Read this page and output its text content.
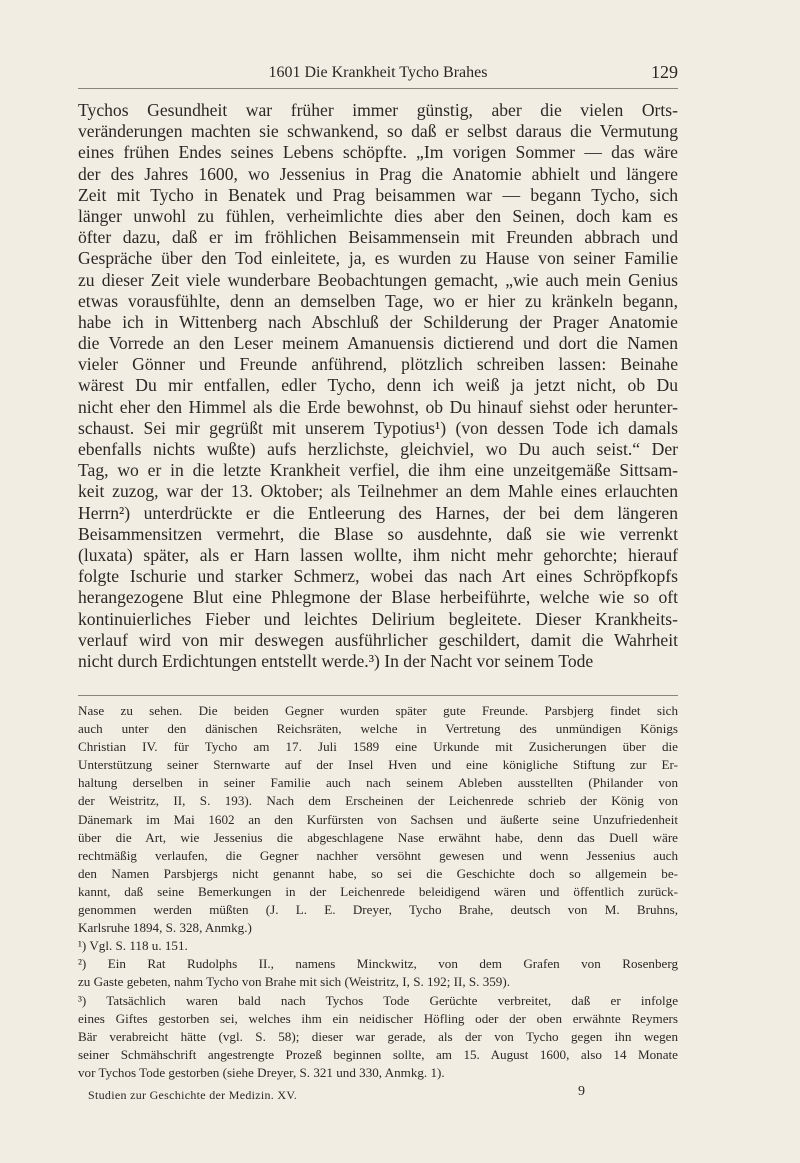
1601 Die Krankheit Tycho Brahes	129
Tychos Gesundheit war früher immer günstig, aber die vielen Orts-
veränderungen machten sie schwankend, so daß er selbst daraus die Vermutung
eines frühen Endes seines Lebens schöpfte. „Im vorigen Sommer — das wäre
der des Jahres 1600, wo Jessenius in Prag die Anatomie abhielt und längere
Zeit mit Tycho in Benatek und Prag beisammen war — begann Tycho, sich
länger unwohl zu fühlen, verheimlichte dies aber den Seinen, doch kam es
öfter dazu, daß er im fröhlichen Beisammensein mit Freunden abbrach und
Gespräche über den Tod einleitete, ja, es wurden zu Hause von seiner Familie
zu dieser Zeit viele wunderbare Beobachtungen gemacht, „wie auch mein Genius
etwas vorausfühlte, denn an demselben Tage, wo er hier zu kränkeln begann,
habe ich in Wittenberg nach Abschluß der Schilderung der Prager Anatomie
die Vorrede an den Leser meinem Amanuensis dictierend und dort die Namen
vieler Gönner und Freunde anführend, plötzlich schreiben lassen: Beinahe
wärest Du mir entfallen, edler Tycho, denn ich weiß ja jetzt nicht, ob Du
nicht eher den Himmel als die Erde bewohnst, ob Du hinauf siehst oder herunter-
schaust. Sei mir gegrüßt mit unserem Typotius¹) (von dessen Tode ich damals
ebenfalls nichts wußte) aufs herzlichste, gleichviel, wo Du auch seist.“ Der
Tag, wo er in die letzte Krankheit verfiel, die ihm eine unzeitgemäße Sittsam-
keit zuzog, war der 13. Oktober; als Teilnehmer an dem Mahle eines erlauchten
Herrn²) unterdrückte er die Entleerung des Harnes, der bei dem längeren
Beisammensitzen vermehrt, die Blase so ausdehnte, daß sie wie verrenkt
(luxata) später, als er Harn lassen wollte, ihm nicht mehr gehorchte; hierauf
folgte Ischurie und starker Schmerz, wobei das nach Art eines Schröpfkopfs
herangezogene Blut eine Phlegmone der Blase herbeiführte, welche wie so oft
kontinuierliches Fieber und leichtes Delirium begleitete. Dieser Krankheits-
verlauf wird von mir deswegen ausführlicher geschildert, damit die Wahrheit
nicht durch Erdichtungen entstellt werde.³) In der Nacht vor seinem Tode
Nase zu sehen. Die beiden Gegner wurden später gute Freunde. Parsbjerg findet sich
auch unter den dänischen Reichsräten, welche in Vertretung des unmündigen Königs
Christian IV. für Tycho am 17. Juli 1589 eine Urkunde mit Zusicherungen über die
Unterstützung seiner Sternwarte auf der Insel Hven und eine königliche Stiftung zur Er-
haltung derselben in seiner Familie auch nach seinem Ableben ausstellten (Philander von
der Weistritz, II, S. 193). Nach dem Erscheinen der Leichenrede schrieb der König von
Dänemark im Mai 1602 an den Kurfürsten von Sachsen und äußerte seine Unzufriedenheit
über die Art, wie Jessenius die abgeschlagene Nase erwähnt habe, denn das Duell wäre
rechtmäßig verlaufen, die Gegner nachher versöhnt gewesen und wenn Jessenius auch
den Namen Parsbjergs nicht genannt habe, so sei die Geschichte doch so allgemein be-
kannt, daß seine Bemerkungen in der Leichenrede beleidigend wären und öffentlich zurück-
genommen werden müßten (J. L. E. Dreyer, Tycho Brahe, deutsch von M. Bruhns,
Karlsruhe 1894, S. 328, Anmkg.)
¹) Vgl. S. 118 u. 151.
²) Ein Rat Rudolphs II., namens Minckwitz, von dem Grafen von Rosenberg
zu Gaste gebeten, nahm Tycho von Brahe mit sich (Weistritz, I, S. 192; II, S. 359).
³) Tatsächlich waren bald nach Tychos Tode Gerüchte verbreitet, daß er infolge
eines Giftes gestorben sei, welches ihm ein neidischer Höfling oder der oben erwähnte Reymers
Bär verabreicht hätte (vgl. S. 58); dieser war gerade, als der von Tycho gegen ihn wegen
seiner Schmähschrift angestrengte Prozeß beginnen sollte, am 15. August 1600, also 14 Monate
vor Tychos Tode gestorben (siehe Dreyer, S. 321 und 330, Anmkg. 1).
Studien zur Geschichte der Medizin. XV.	9
